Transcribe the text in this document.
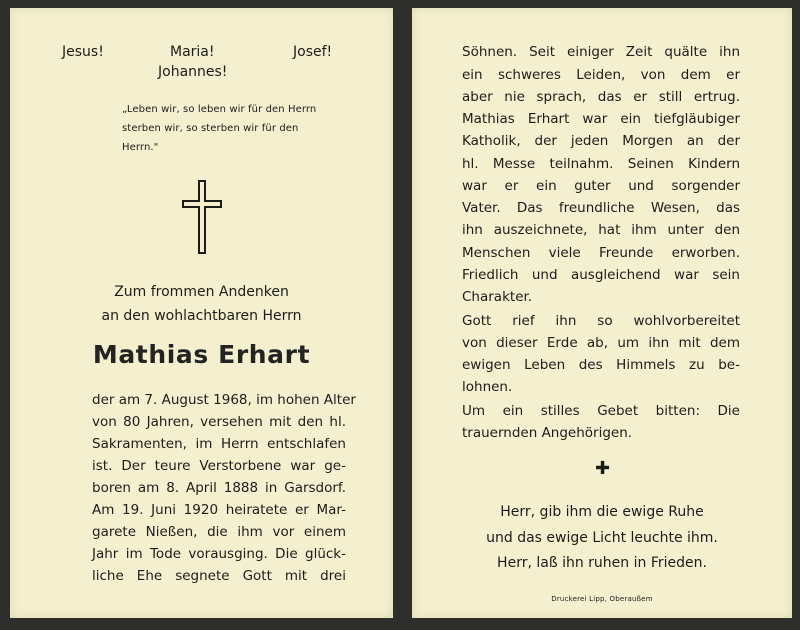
Jesus!	Maria!	Josef!
Johannes!
„Leben wir, so leben wir für den Herrn
sterben wir, so sterben wir für den
Herrn."
Zum frommen Andenken
an den wohlachtbaren Herrn
Mathias Erhart
der am 7. August 1968, im hohen Alter
von 80 Jahren, versehen mit den hl.
Sakramenten, im Herrn entschlafen
ist. Der teure Verstorbene war ge-
boren am 8. April 1888 in Garsdorf.
Am 19. Juni 1920 heiratete er Mar-
garete Nießen, die ihm vor einem
Jahr im Tode vorausging. Die glück-
liche Ehe segnete Gott mit drei
Söhnen. Seit einiger Zeit quälte ihn
ein schweres Leiden, von dem er
aber nie sprach, das er still ertrug.
Mathias Erhart war ein tiefgläubiger
Katholik, der jeden Morgen an der
hl. Messe teilnahm. Seinen Kindern
war er ein guter und sorgender
Vater. Das freundliche Wesen, das
ihn auszeichnete, hat ihm unter den
Menschen viele Freunde erworben.
Friedlich und ausgleichend war sein
Charakter.
Gott rief ihn so wohlvorbereitet
von dieser Erde ab, um ihn mit dem
ewigen Leben des Himmels zu be-
lohnen.
Um ein stilles Gebet bitten: Die
trauernden Angehörigen.
✚
Herr, gib ihm die ewige Ruhe
und das ewige Licht leuchte ihm.
Herr, laß ihn ruhen in Frieden.
Druckerei Lipp, Oberaußem
